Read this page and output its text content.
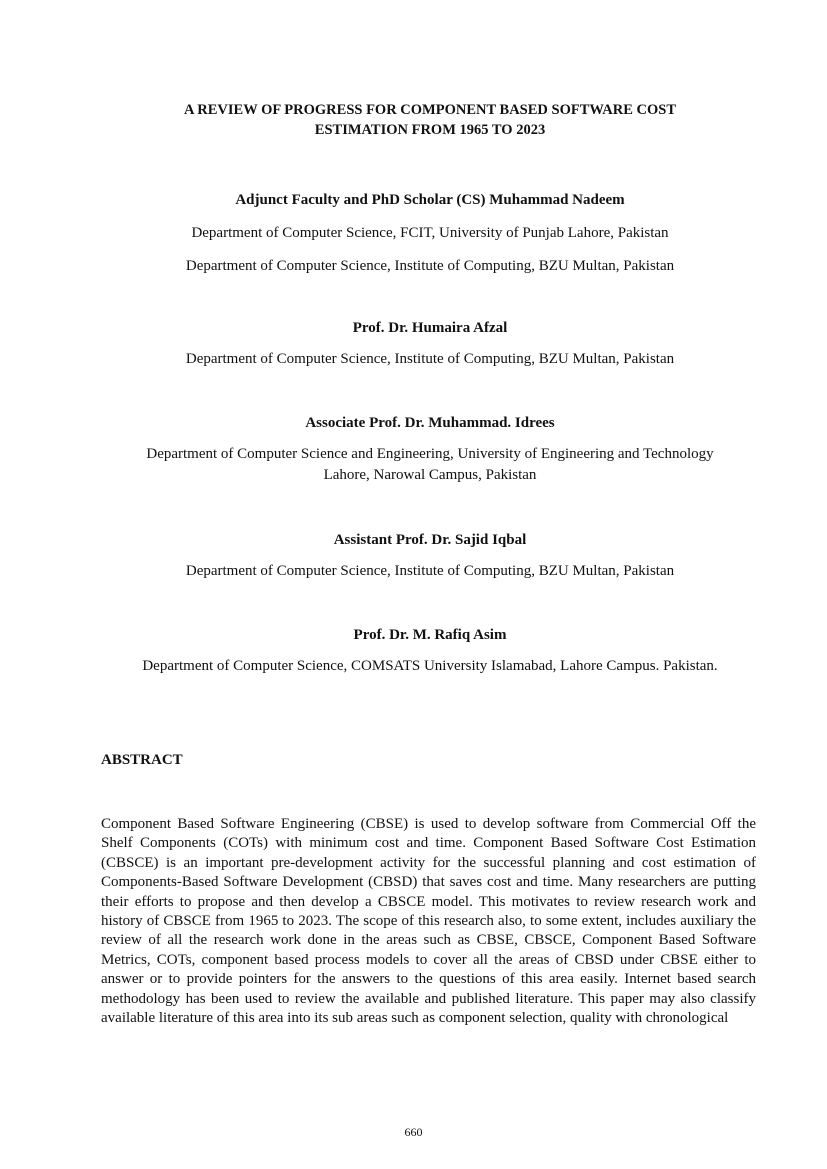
A REVIEW OF PROGRESS FOR COMPONENT BASED SOFTWARE COST
ESTIMATION FROM 1965 TO 2023
Adjunct Faculty and PhD Scholar (CS) Muhammad Nadeem
Department of Computer Science, FCIT, University of Punjab Lahore, Pakistan
Department of Computer Science, Institute of Computing, BZU Multan, Pakistan
Prof. Dr. Humaira Afzal
Department of Computer Science, Institute of Computing, BZU Multan, Pakistan
Associate Prof. Dr. Muhammad. Idrees
Department of Computer Science and Engineering, University of Engineering and Technology
Lahore, Narowal Campus, Pakistan
Assistant Prof. Dr. Sajid Iqbal
Department of Computer Science, Institute of Computing, BZU Multan, Pakistan
Prof. Dr. M. Rafiq Asim
Department of Computer Science, COMSATS University Islamabad, Lahore Campus. Pakistan.
ABSTRACT

Component Based Software Engineering (CBSE) is used to develop software from Commercial Off the Shelf Components (COTs) with minimum cost and time. Component Based Software Cost Estimation (CBSCE) is an important pre-development activity for the successful planning and cost estimation of Components-Based Software Development (CBSD) that saves cost and time. Many researchers are putting their efforts to propose and then develop a CBSCE model. This motivates to review research work and history of CBSCE from 1965 to 2023. The scope of this research also, to some extent, includes auxiliary the review of all the research work done in the areas such as CBSE, CBSCE, Component Based Software Metrics, COTs, component based process models to cover all the areas of CBSD under CBSE either to answer or to provide pointers for the answers to the questions of this area easily. Internet based search methodology has been used to review the available and published literature. This paper may also classify available literature of this area into its sub areas such as component selection, quality with chronological

660
